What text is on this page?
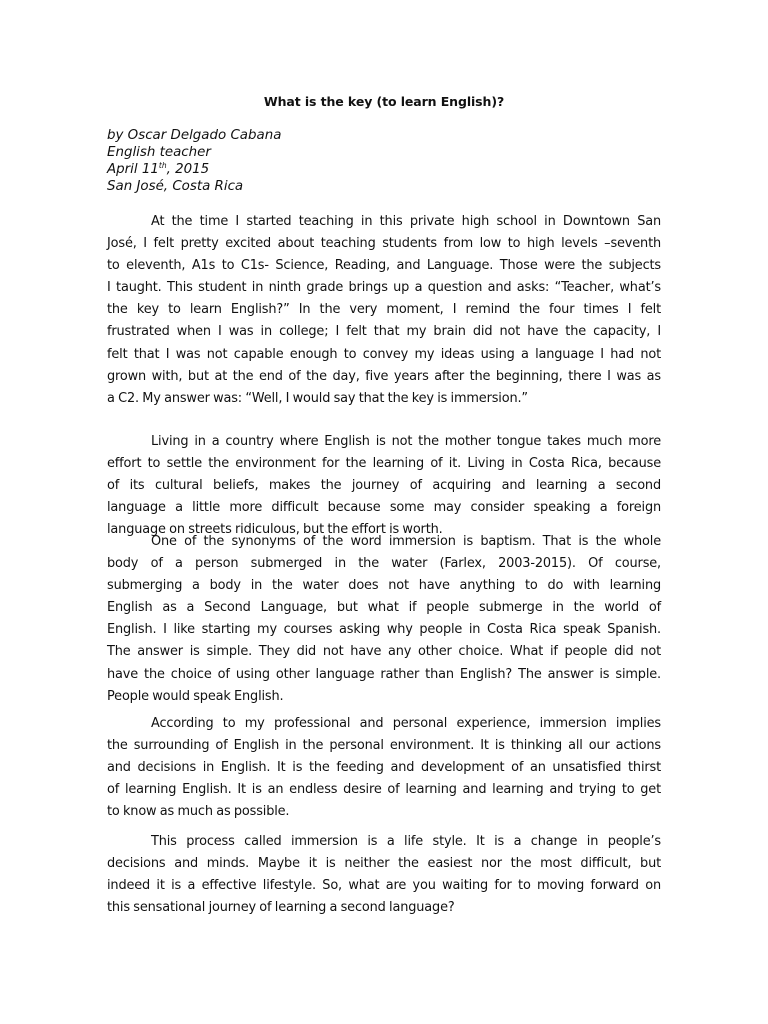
What is the key (to learn English)?
by Oscar Delgado Cabana
English teacher
April 11th, 2015
San José, Costa Rica
At the time I started teaching in this private high school in Downtown San
José, I felt pretty excited about teaching students from low to high levels –seventh
to eleventh, A1s to C1s- Science, Reading, and Language. Those were the subjects
I taught. This student in ninth grade brings up a question and asks: “Teacher, what’s
the key to learn English?” In the very moment, I remind the four times I felt
frustrated when I was in college; I felt that my brain did not have the capacity, I
felt that I was not capable enough to convey my ideas using a language I had not
grown with, but at the end of the day, five years after the beginning, there I was as
a C2. My answer was: “Well, I would say that the key is immersion.”
Living in a country where English is not the mother tongue takes much more
effort to settle the environment for the learning of it. Living in Costa Rica, because
of its cultural beliefs, makes the journey of acquiring and learning a second
language a little more difficult because some may consider speaking a foreign
language on streets ridiculous, but the effort is worth.
One of the synonyms of the word immersion is baptism. That is the whole
body of a person submerged in the water (Farlex, 2003-2015). Of course,
submerging a body in the water does not have anything to do with learning
English as a Second Language, but what if people submerge in the world of
English. I like starting my courses asking why people in Costa Rica speak Spanish.
The answer is simple. They did not have any other choice. What if people did not
have the choice of using other language rather than English? The answer is simple.
People would speak English.
According to my professional and personal experience, immersion implies
the surrounding of English in the personal environment. It is thinking all our actions
and decisions in English. It is the feeding and development of an unsatisfied thirst
of learning English. It is an endless desire of learning and learning and trying to get
to know as much as possible.
This process called immersion is a life style. It is a change in people’s
decisions and minds. Maybe it is neither the easiest nor the most difficult, but
indeed it is a effective lifestyle. So, what are you waiting for to moving forward on
this sensational journey of learning a second language?
